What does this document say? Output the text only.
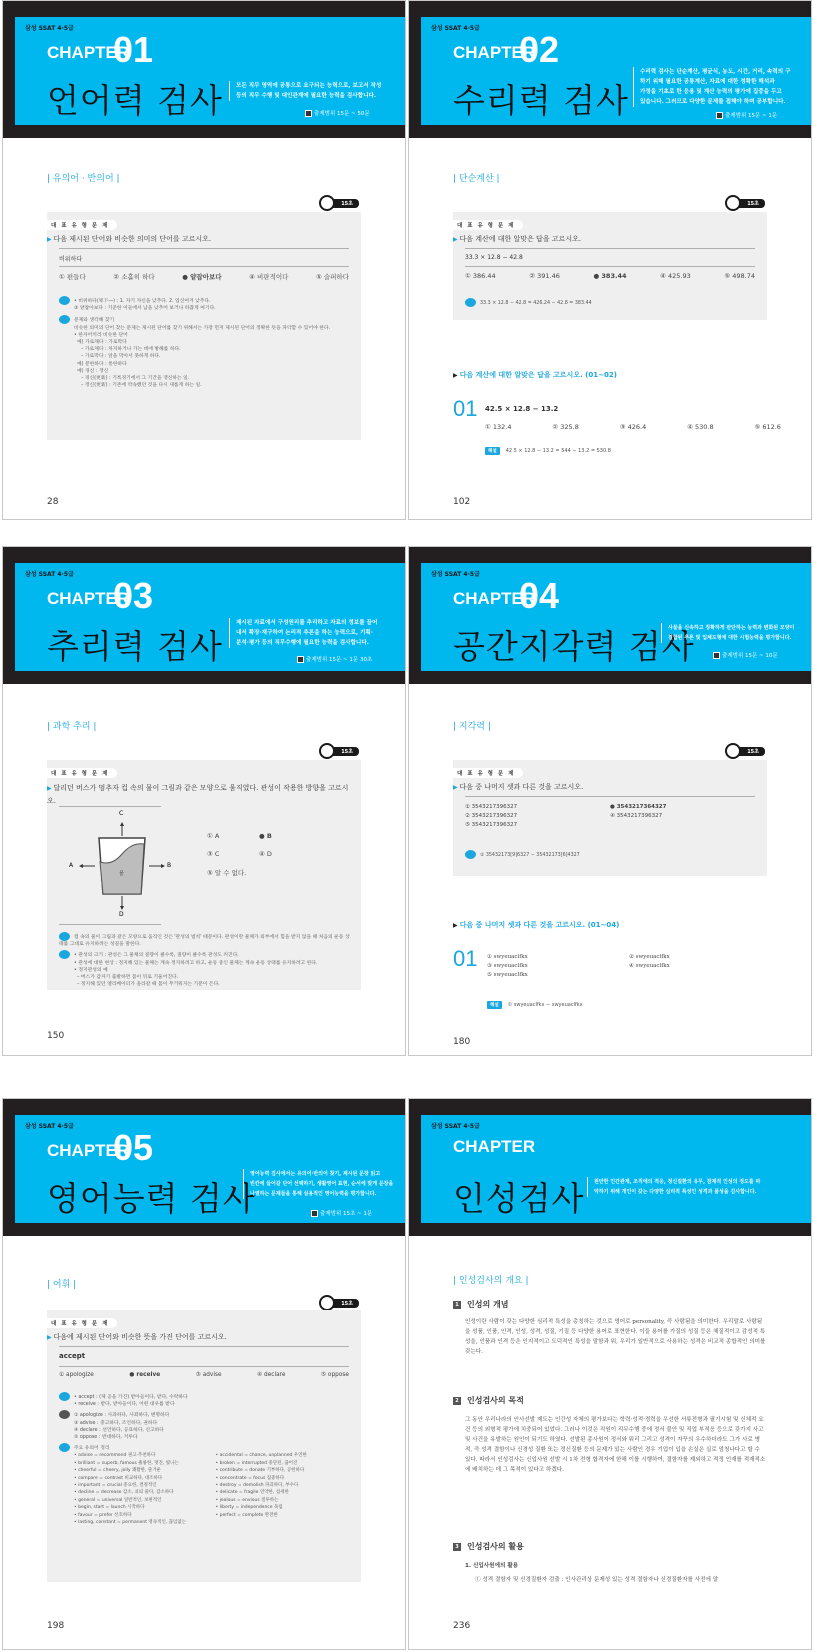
삼성 SSAT 4·5급
CHAPTER
01
언어력 검사 모든 직무 영역에 공통으로 요구되는 능력으로, 보고서 작성
등의 직무 수행 및 대인관계에 필요한 능력을 검사합니다.
출제범위 15문 ~ 50문
| 유의어 · 반의어 |
15초
대 표 유 형 문 제
▶ 다음 제시된 단어와 비슷한 의미의 단어를 고르시오.
비위하다
① 편들다	② 소홀히 하다	● 얕잡아보다	④ 비판적이다	⑤ 슬퍼하다
• 비위하다(卑下―) : 1. 자기 자신을 낮추다. 2. 업신여겨 낮추다.
③ 얕잡아보다 : 기준한 이들에서 남을 낮추어 보거나 하찮게 여기다.
문제와 생각해 찾기
비슷한 의미의 단어 찾는 문제는 제시된 단어를 찾기 위해서는 가장 먼저 제시된 단어의 정확한 뜻을 파악할 수 있어야 한다.
• 한자어끼리 비슷한 단어
예) 가로채다 : 가로막다
– 가로채다 : 차지하거나 가는 데에 방해를 하다.
– 가로막다 : 앞을 막아서 못하게 하다.
예) 분한하다 : 통한하다
예) 경신 : 갱신
– 경신(更新) : 기록경기에서 그 기간을 갱신하는 일.
– 갱신(更新) : 기존에 약속했던 것을 다시 새롭게 하는 일.
28
삼성 SSAT 4·5급
CHAPTER
02
수리력 검사
수리력 검사는 단순계산, 평균식, 농도, 시간, 거리, 속력의 구
하기 위해 필요한 공통계산, 자료에 대한 정확한 해석과
가정을 기초로 한 응용 및 계산 능력의 평가에 집중을 두고
있습니다. 그러므로 다양한 문제를 접해야 하며 공부합니다.
출제범위 15문 ~ 1문
| 단순계산 |
15초
대 표 유 형 문 제
▶ 다음 계산에 대한 알맞은 답을 고르시오.
33.3 × 12.8 − 42.8
① 386.44	② 391.46	● 383.44	④ 425.93	⑤ 498.74
33.3 × 12.8 − 42.8 = 426.24 − 42.8 = 383.44
▶ 다음 계산에 대한 알맞은 답을 고르시오. (01~02)
01 42.5 × 12.8 − 13.2
① 132.4	② 325.8	③ 426.4	④ 530.8	⑤ 612.6
해설 42.5 × 12.8 − 13.2 = 544 − 13.2 = 530.8
102
삼성 SSAT 4·5급
CHAPTER
03
추리력 검사
제시된 자료에서 구성원리를 추리하고 자료의 정보를 끌어
내서 확장·재구하여 논리적 추론을 하는 능력으로, 기획·
분석·평가 등의 직무수행에 필요한 능력을 검사합니다.
출제범위 15문 ~ 1문 30초
| 과학 추리 |
15초
대 표 유 형 문 제
▶ 달리던 버스가 멈추자 컵 속의 물이 그림과 같은 모양으로 움직였다. 관성이 작용한 방향을 고르시오.
C
A	B
D
물
① A	● B
③ C	④ D
⑤ 알 수 없다.
컵 속의 물이 그림과 같은 모양으로 움직인 것은 '관성의 법칙' 때문이다. 관성이란 물체가 외부에서 힘을 받지 않을 때 처음의 운동 상태를 그대로 유지하려는 성질을 말한다.
• 관성의 크기 : 관성은 그 물체의 질량이 클수록, 질량이 클수록 관성도 커진다.
• 관성에 대한 현상 : 정지해 있는 물체는 계속 정지하려고 하고, 운동 중인 물체는 계속 운동 상태를 유지하려고 한다.
• 정지관성의 예
– 버스가 갑자기 출발하면 몸이 뒤로 기울어진다.
– 정지해 있던 엘리베이터가 올라갈 때 몸이 무거워지는 기분이 든다.
150
삼성 SSAT 4·5급
CHAPTER
04
공간지각력 검사
사물을 신속하고 정확하게 판단하는 능력과 변화된 모양이
결합된 추론 및 입체도형에 대한 시험능력을 평가합니다.
출제범위 15문 ~ 10문
| 지각력 |
15초
대 표 유 형 문 제
▶ 다음 중 나머지 셋과 다른 것을 고르시오.
① 3543217396327	● 3543217364327
② 3543217396327	④ 3543217396327
⑤ 3543217396327
② 35432173[9]6327 − 35432173[6]4327
▶ 다음 중 나머지 셋과 다른 것을 고르시오. (01~04)
01 ① swyeuaclfkx	② swyeuaclfkx
③ swyeuaclfkx	④ swyeuaclfkx
⑤ swyeuaclfkx
해설 ① swyeuaclfkx − swyeuaclfkx
180
삼성 SSAT 4·5급
CHAPTER
05
영어능력 검사
영어능력 검사에서는 유의어·반의어 찾기, 제시된 문장 읽고
빈칸에 들어갈 단어 선택하기, 생활영어 표현, 순서에 맞게 문장을
나열하는 문제들을 통해 실용적인 영어능력을 평가합니다.
출제범위 15초 ~ 1문
| 어휘 |
15초
대 표 유 형 문 제
▶ 다음에 제시된 단어와 비슷한 뜻을 가진 단어를 고르시오.
accept
① apologize	● receive	③ advise	④ declare	⑤ oppose
• accept : (제 공을 가진) 받아들이다, 받다, 수락하다
• receive : 받다, 받아들이다, 어떤 대우를 받다
① apologize : 사과하다, 사죄하다, 변명하다
③ advise : 충고하다, 조언하다, 권하다
④ declare : 선언하다, 공표하다, 신고하다
⑤ oppose : 반대하다, 겨루다
주요 유의어 정리
• advise = recommend 권고·추천하다	• accidental = chance, unplanned 우연한
• brilliant = superb, famous 훌륭한, 멋진, 빛나는	• broken = interrupted 중단된, 끊어진
• cheerful = cheery, jolly 쾌활한, 즐거운	• contribute = donate 기부하다, 공헌하다
• compare = contrast 비교하다, 대조하다	• concentrate = focus 집중하다
• important = crucial 중요한, 결정적인	• destroy = demolish 파괴하다, 부수다
• decline = decrease 감소, 쇠퇴 줄다, 감소하다	• delicate = fragile 연약한, 섬세한
• general = universal 일반적인, 보편적인	• jealous = envious 질투하는
• begin, start = launch 시작하다	• liberty = independence 독립
• favour = prefer 선호하다	• perfect = complete 완전한
• lasting, constant = permanent 영속적인, 끊임없는
198
삼성 SSAT 4·5급
CHAPTER
인성검사 원만한 인간관계, 조직에의 적응, 정신질환의 유무, 잠재적 인성의 정도를 파
악하기 위해 개인이 갖는 다양한 심리적 특성인 성격과 품성을 검사합니다.
| 인성검사의 개요 |
1 인성의 개념
인성이란 사람이 갖는 다양한 심리적 특성을 총칭하는 것으로 영어로 personality, 즉 사람됨을 의미한다. 우리말로 사람됨을 성품, 인품, 인격, 인성, 성격, 성질, 기질 등 다양한 용어로 표현한다. 이들 용어를 가질의 성질 등은 체질적이고 감성적 특성을, 인품과 인격 등은 인지적이고 도덕적인 특성을 말함과 뭐, 우리가 일반적으로 사용하는 성격은 비교적 종합적인 의미를 갖는다.
2 인성검사의 목적
그 동안 우리나라의 인사선발 제도는 인간성 자체의 평가보다는 학력·성적·경력을 우선한 서류전형과 필기시험 및 신체적 요건 등의 외형적 평가에 치중되어 있었다. 그러나 이것은 직원이 직무수행 중에 정서 불안 및 직업 부적응 등으로 갖가지 사고 및 사건을 유발하는 원인이 되기도 하였다. 선발된 종사원이 정서와 뭐리 그리고 성격이 자꾸의 우수하더라도 그가 사로 병적, 즉 성격 결함이나 신경성 질환 또는 정신질환 등의 문제가 있는 사람인 경우 기업이 입을 손실은 실로 엄청나다고 할 수 있다. 따라서 인성검사는 신입사원 선발 시 1차 전형 합격자에 한해 이를 시행하여, 결함자를 제외하고 적정 인재를 적재적소에 배치하는 데 그 목적이 있다고 하겠다.
3 인성검사의 활용
1. 신입사원에의 활용
① 성격 결함자 및 신경질환자 검출 : 인사관리상 문제성 있는 성격 결함자나 신경질환자를 사전에 알
236
